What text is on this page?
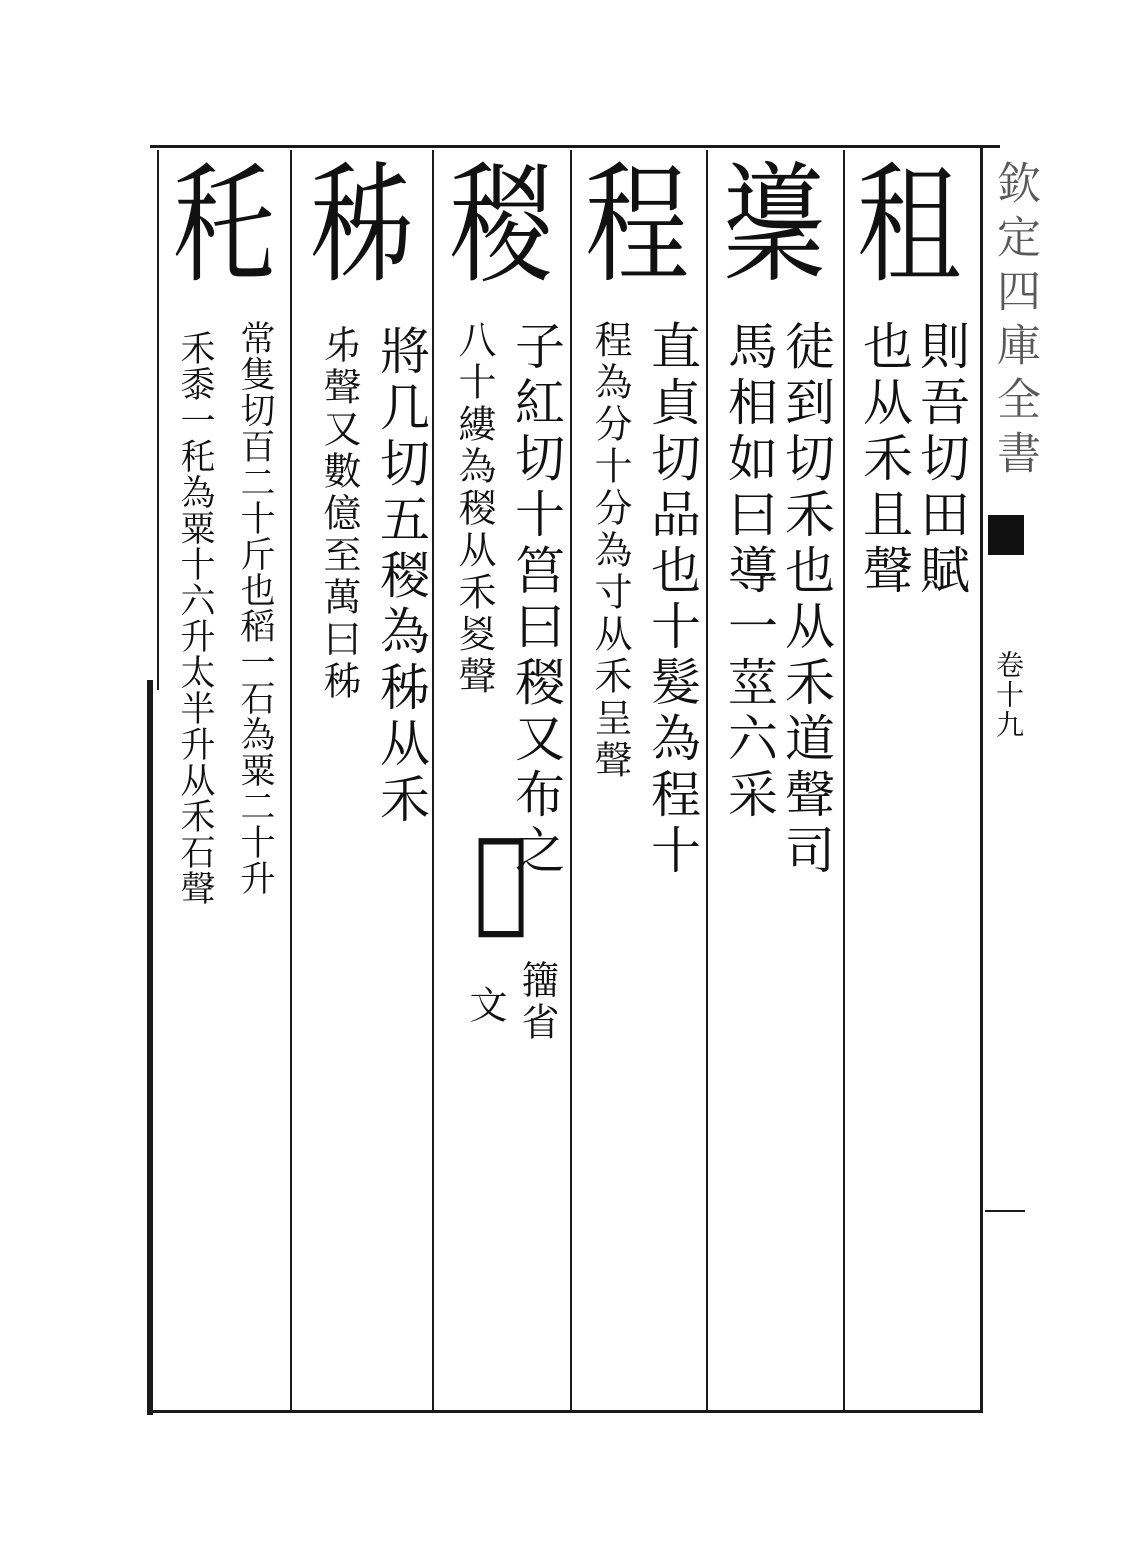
欽定四庫全書
卷十九
租
則吾切田賦
也从禾且聲
䆃
徒到切禾也从禾道聲司
馬相如曰導一莖六采
程
直貞切品也十髮為程十
程為分十分為寸从禾呈聲
稯
子紅切十筥曰稯又布之
八十縷為稯从禾㚇聲
𥢤
籒省
文
秭
將几切五稯為秭从禾
𠂔聲又數億至萬曰秭
秅
常隻切百二十斤也稻一石為粟二十升
禾黍一秅為粟十六升太半升从禾石聲
